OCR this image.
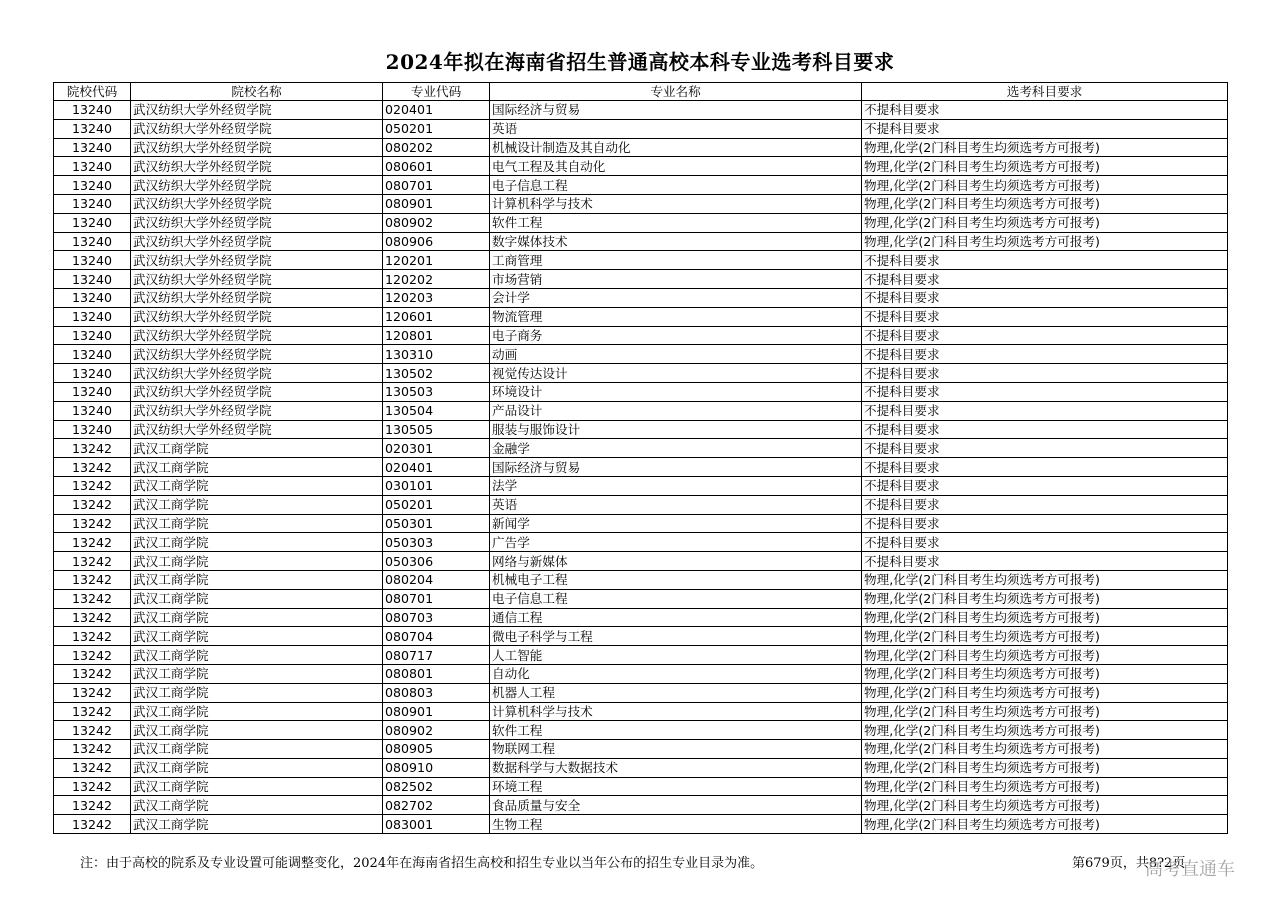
2024年拟在海南省招生普通高校本科专业选考科目要求
院校代码	院校名称	专业代码	专业名称	选考科目要求
13240	武汉纺织大学外经贸学院	020401	国际经济与贸易	不提科目要求
13240	武汉纺织大学外经贸学院	050201	英语	不提科目要求
13240	武汉纺织大学外经贸学院	080202	机械设计制造及其自动化	物理,化学(2门科目考生均须选考方可报考)
13240	武汉纺织大学外经贸学院	080601	电气工程及其自动化	物理,化学(2门科目考生均须选考方可报考)
13240	武汉纺织大学外经贸学院	080701	电子信息工程	物理,化学(2门科目考生均须选考方可报考)
13240	武汉纺织大学外经贸学院	080901	计算机科学与技术	物理,化学(2门科目考生均须选考方可报考)
13240	武汉纺织大学外经贸学院	080902	软件工程	物理,化学(2门科目考生均须选考方可报考)
13240	武汉纺织大学外经贸学院	080906	数字媒体技术	物理,化学(2门科目考生均须选考方可报考)
13240	武汉纺织大学外经贸学院	120201	工商管理	不提科目要求
13240	武汉纺织大学外经贸学院	120202	市场营销	不提科目要求
13240	武汉纺织大学外经贸学院	120203	会计学	不提科目要求
13240	武汉纺织大学外经贸学院	120601	物流管理	不提科目要求
13240	武汉纺织大学外经贸学院	120801	电子商务	不提科目要求
13240	武汉纺织大学外经贸学院	130310	动画	不提科目要求
13240	武汉纺织大学外经贸学院	130502	视觉传达设计	不提科目要求
13240	武汉纺织大学外经贸学院	130503	环境设计	不提科目要求
13240	武汉纺织大学外经贸学院	130504	产品设计	不提科目要求
13240	武汉纺织大学外经贸学院	130505	服装与服饰设计	不提科目要求
13242	武汉工商学院	020301	金融学	不提科目要求
13242	武汉工商学院	020401	国际经济与贸易	不提科目要求
13242	武汉工商学院	030101	法学	不提科目要求
13242	武汉工商学院	050201	英语	不提科目要求
13242	武汉工商学院	050301	新闻学	不提科目要求
13242	武汉工商学院	050303	广告学	不提科目要求
13242	武汉工商学院	050306	网络与新媒体	不提科目要求
13242	武汉工商学院	080204	机械电子工程	物理,化学(2门科目考生均须选考方可报考)
13242	武汉工商学院	080701	电子信息工程	物理,化学(2门科目考生均须选考方可报考)
13242	武汉工商学院	080703	通信工程	物理,化学(2门科目考生均须选考方可报考)
13242	武汉工商学院	080704	微电子科学与工程	物理,化学(2门科目考生均须选考方可报考)
13242	武汉工商学院	080717	人工智能	物理,化学(2门科目考生均须选考方可报考)
13242	武汉工商学院	080801	自动化	物理,化学(2门科目考生均须选考方可报考)
13242	武汉工商学院	080803	机器人工程	物理,化学(2门科目考生均须选考方可报考)
13242	武汉工商学院	080901	计算机科学与技术	物理,化学(2门科目考生均须选考方可报考)
13242	武汉工商学院	080902	软件工程	物理,化学(2门科目考生均须选考方可报考)
13242	武汉工商学院	080905	物联网工程	物理,化学(2门科目考生均须选考方可报考)
13242	武汉工商学院	080910	数据科学与大数据技术	物理,化学(2门科目考生均须选考方可报考)
13242	武汉工商学院	082502	环境工程	物理,化学(2门科目考生均须选考方可报考)
13242	武汉工商学院	082702	食品质量与安全	物理,化学(2门科目考生均须选考方可报考)
13242	武汉工商学院	083001	生物工程	物理,化学(2门科目考生均须选考方可报考)
注：由于高校的院系及专业设置可能调整变化，2024年在海南省招生高校和招生专业以当年公布的招生专业目录为准。	第679页，共8?2页
高考直通车
